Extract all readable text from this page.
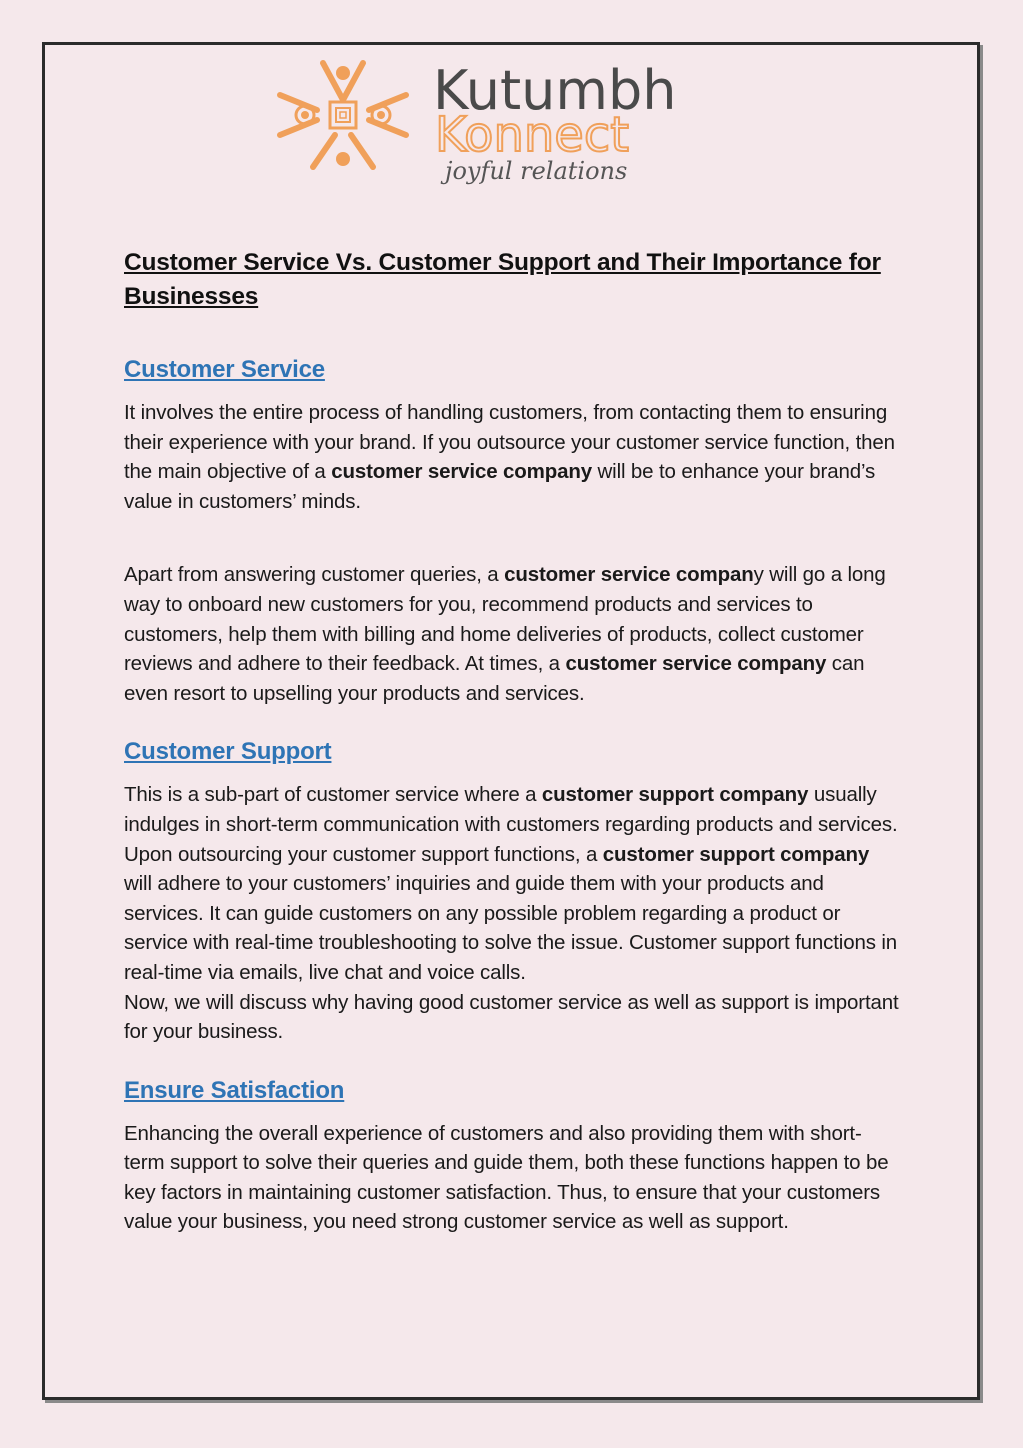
Kutumbh
Konnect
joyful relations
Customer Service Vs. Customer Support and Their Importance for Businesses
Customer Service

It involves the entire process of handling customers, from contacting them to ensuring their experience with your brand. If you outsource your customer service function, then the main objective of a customer service company will be to enhance your brand’s value in customers’ minds.

Apart from answering customer queries, a customer service company will go a long way to onboard new customers for you, recommend products and services to customers, help them with billing and home deliveries of products, collect customer reviews and adhere to their feedback. At times, a customer service company can even resort to upselling your products and services.

Customer Support

This is a sub-part of customer service where a customer support company usually indulges in short-term communication with customers regarding products and services. Upon outsourcing your customer support functions, a customer support company will adhere to your customers’ inquiries and guide them with your products and services. It can guide customers on any possible problem regarding a product or service with real-time troubleshooting to solve the issue. Customer support functions in real-time via emails, live chat and voice calls.

Now, we will discuss why having good customer service as well as support is important for your business.

Ensure Satisfaction

Enhancing the overall experience of customers and also providing them with short-term support to solve their queries and guide them, both these functions happen to be key factors in maintaining customer satisfaction. Thus, to ensure that your customers value your business, you need strong customer service as well as support.
